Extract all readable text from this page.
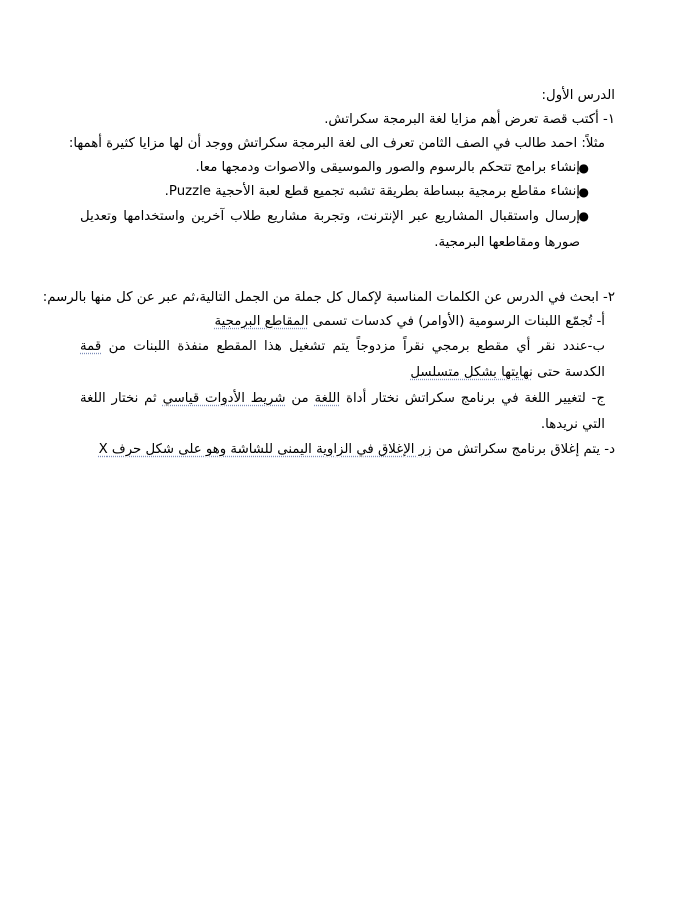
الدرس الأول:
١- أكتب قصة تعرض أهم مزايا لغة البرمجة سكراتش.
مثلاً: احمد طالب في الصف الثامن تعرف الى لغة البرمجة سكراتش ووجد أن لها مزايا كثيرة أهمها:
●
إنشاء برامج تتحكم بالرسوم والصور والموسيقى والاصوات ودمجها معا.
●
إنشاء مقاطع برمجية ببساطة بطريقة تشبه تجميع قطع لعبة الأحجية Puzzle.
●
إرسال واستقبال المشاريع عبر الإنترنت، وتجربة مشاريع طلاب آخرين واستخدامها وتعديل صورها ومقاطعها البرمجية.
٢- ابحث في الدرس عن الكلمات المناسبة لإكمال كل جملة من الجمل التالية،ثم عبر عن كل منها بالرسم:
أ- تُجمّع اللبنات الرسومية (الأوامر) في كدسات تسمى المقاطع البرمجية
ب-عندد نقر أي مقطع برمجي نقراً مزدوجاً يتم تشغيل هذا المقطع منفذة اللبنات من قمة الكدسة حتى نهايتها بشكل متسلسل
ج- لتغيير اللغة في برنامج سكراتش نختار أداة اللغة من شريط الأدوات قياسي ثم نختار اللغة التي نريدها.
د- يتم إغلاق برنامج سكراتش من زر الإغلاق في الزاوية اليمنى للشاشة وهو على شكل حرف X
